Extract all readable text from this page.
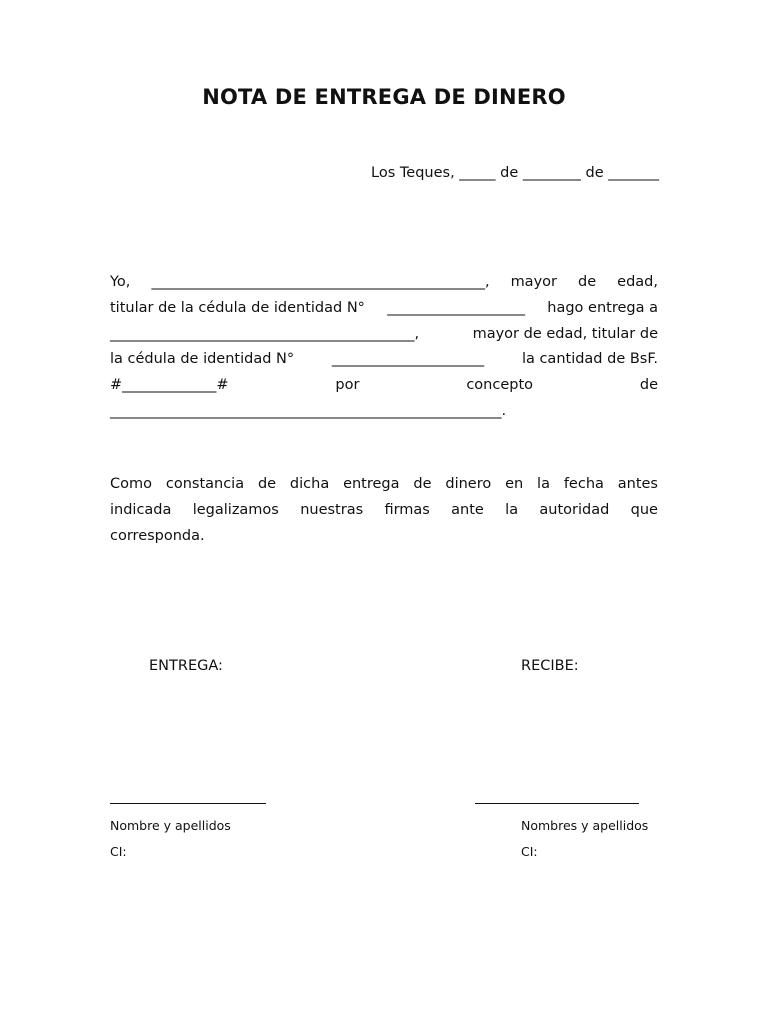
NOTA DE ENTREGA DE DINERO
Los Teques, _____ de ________ de _______
Yo, ______________________________________________, mayor de edad,
titular de la cédula de identidad N° ___________________ hago entrega a
__________________________________________,	mayor de edad, titular de
la cédula de identidad N°	_____________________	la cantidad de BsF.
#_____________#	por	concepto	de
______________________________________________________.
Como constancia de dicha entrega de dinero en la fecha antes
indicada legalizamos nuestras firmas ante la autoridad que
corresponda.
ENTREGA:
Nombre y apellidos
CI:
RECIBE:
Nombres y apellidos
CI:
